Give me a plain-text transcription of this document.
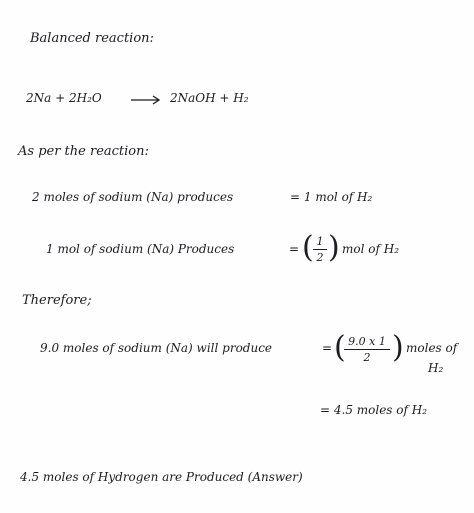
Balanced reaction:
2Na + 2H₂O → 2NaOH + H₂
As per the reaction:
2 moles of sodium (Na) produces	= 1 mol of H₂
1 mol of sodium (Na) Produces	= ( 1
2 ) mol of H₂
Therefore;
9.0 moles of sodium (Na) will produce	= ( 9.0 x 1
2 ) moles of
H₂
= 4.5 moles of H₂
4.5 moles of Hydrogen are Produced (Answer)
